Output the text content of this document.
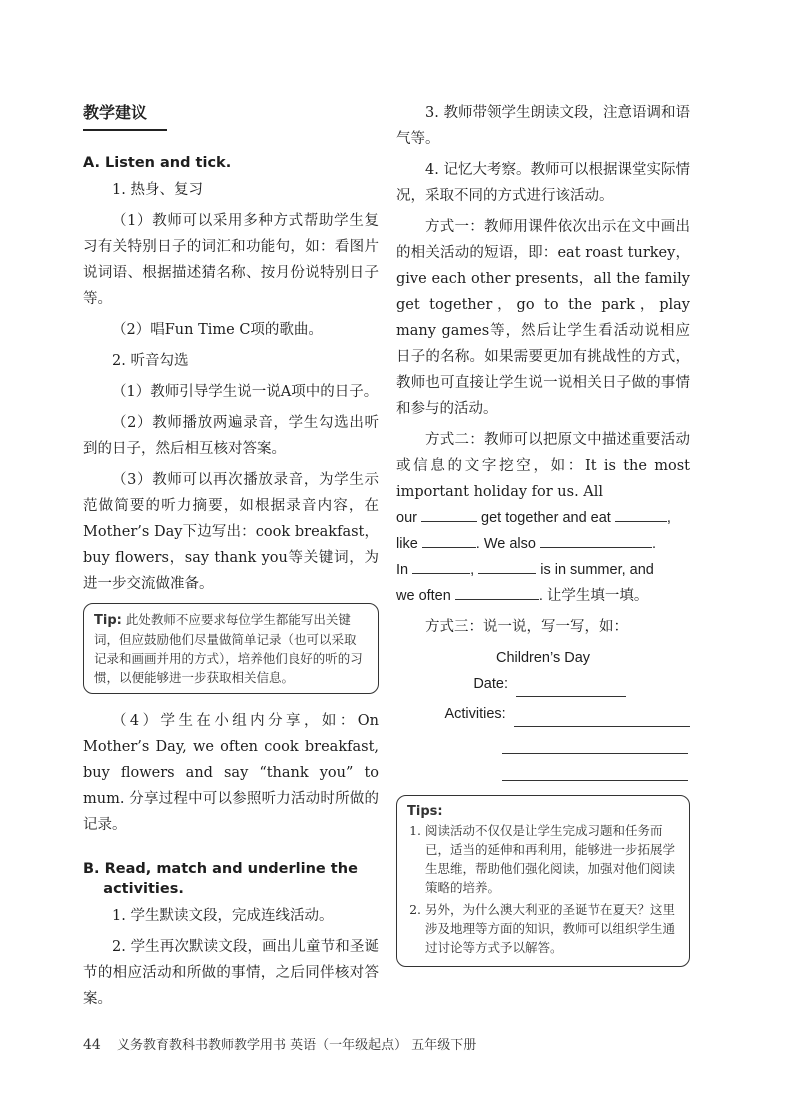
教学建议
A. Listen and tick.

1. 热身、复习

（1）教师可以采用多种方式帮助学生复习有关特别日子的词汇和功能句，如：看图片说词语、根据描述猜名称、按月份说特别日子等。

（2）唱Fun Time C项的歌曲。

2. 听音勾选

（1）教师引导学生说一说A项中的日子。

（2）教师播放两遍录音，学生勾选出听到的日子，然后相互核对答案。

（3）教师可以再次播放录音，为学生示范做简要的听力摘要，如根据录音内容，在Mother’s Day下边写出：cook breakfast，buy flowers，say thank you等关键词，为进一步交流做准备。

Tip: 此处教师不应要求每位学生都能写出关键词，但应鼓励他们尽量做简单记录（也可以采取记录和画画并用的方式），培养他们良好的听的习惯，以便能够进一步获取相关信息。

（4）学生在小组内分享，如：On Mother’s Day, we often cook breakfast, buy flowers and say “thank you” to mum. 分享过程中可以参照听力活动时所做的记录。

B. Read, match and underline the activities.

1. 学生默读文段，完成连线活动。

2. 学生再次默读文段，画出儿童节和圣诞节的相应活动和所做的事情，之后同伴核对答案。

3. 教师带领学生朗读文段，注意语调和语气等。

4. 记忆大考察。教师可以根据课堂实际情况，采取不同的方式进行该活动。

方式一：教师用课件依次出示在文中画出的相关活动的短语，即：eat roast turkey，give each other presents，all the family get together，go to the park，play many games等，然后让学生看活动说相应日子的名称。如果需要更加有挑战性的方式，教师也可直接让学生说一说相关日子做的事情和参与的活动。

方式二：教师可以把原文中描述重要活动或信息的文字挖空，如：It is the most important holiday for us. All

our	get together and eat	,
like	. We also	.
In	,	is in summer, and
we often	. 让学生填一填。

方式三：说一说，写一写，如：

Children’s Day
Date:
Activities:
Tips:
1. 阅读活动不仅仅是让学生完成习题和任务而已，适当的延伸和再利用，能够进一步拓展学生思维，帮助他们强化阅读，加强对他们阅读策略的培养。
2. 另外，为什么澳大利亚的圣诞节在夏天？这里涉及地理等方面的知识，教师可以组织学生通过讨论等方式予以解答。
44 义务教育教科书教师教学用书 英语（一年级起点） 五年级下册
